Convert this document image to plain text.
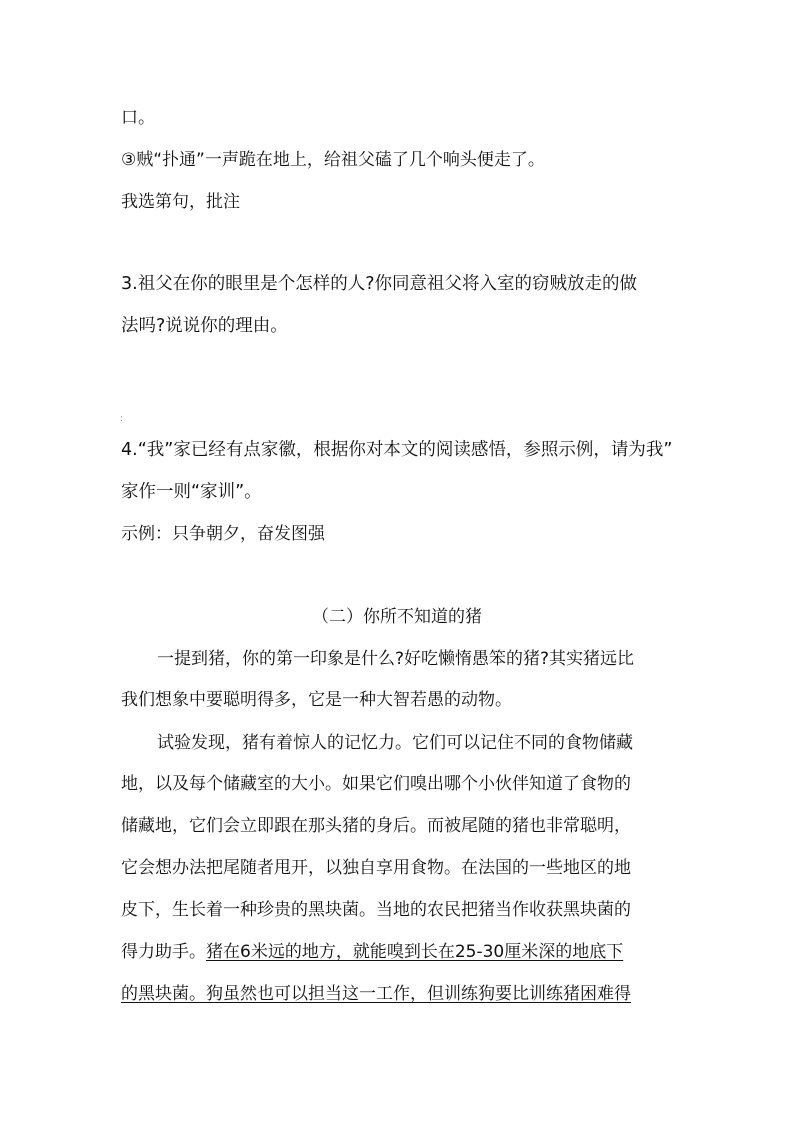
口。
③贼“扑通”一声跪在地上，给祖父磕了几个响头便走了。
我选第句，批注
3.祖父在你的眼里是个怎样的人?你同意祖父将入室的窃贼放走的做
法吗?说说你的理由。
:
4.“我”家已经有点家徽，根据你对本文的阅读感悟，参照示例，请为我”
家作一则“家训”。
示例：只争朝夕，奋发图强
（二）你所不知道的猪
一提到猪，你的第一印象是什么?好吃懒惰愚笨的猪?其实猪远比
我们想象中要聪明得多，它是一种大智若愚的动物。
试验发现，猪有着惊人的记忆力。它们可以记住不同的食物储藏
地，以及每个储藏室的大小。如果它们嗅出哪个小伙伴知道了食物的
储藏地，它们会立即跟在那头猪的身后。而被尾随的猪也非常聪明，
它会想办法把尾随者甩开，以独自享用食物。在法国的一些地区的地
皮下，生长着一种珍贵的黑块菌。当地的农民把猪当作收获黑块菌的
得力助手。猪在6米远的地方，就能嗅到长在25-30厘米深的地底下
的黑块菌。狗虽然也可以担当这一工作，但训练狗要比训练猪困难得
